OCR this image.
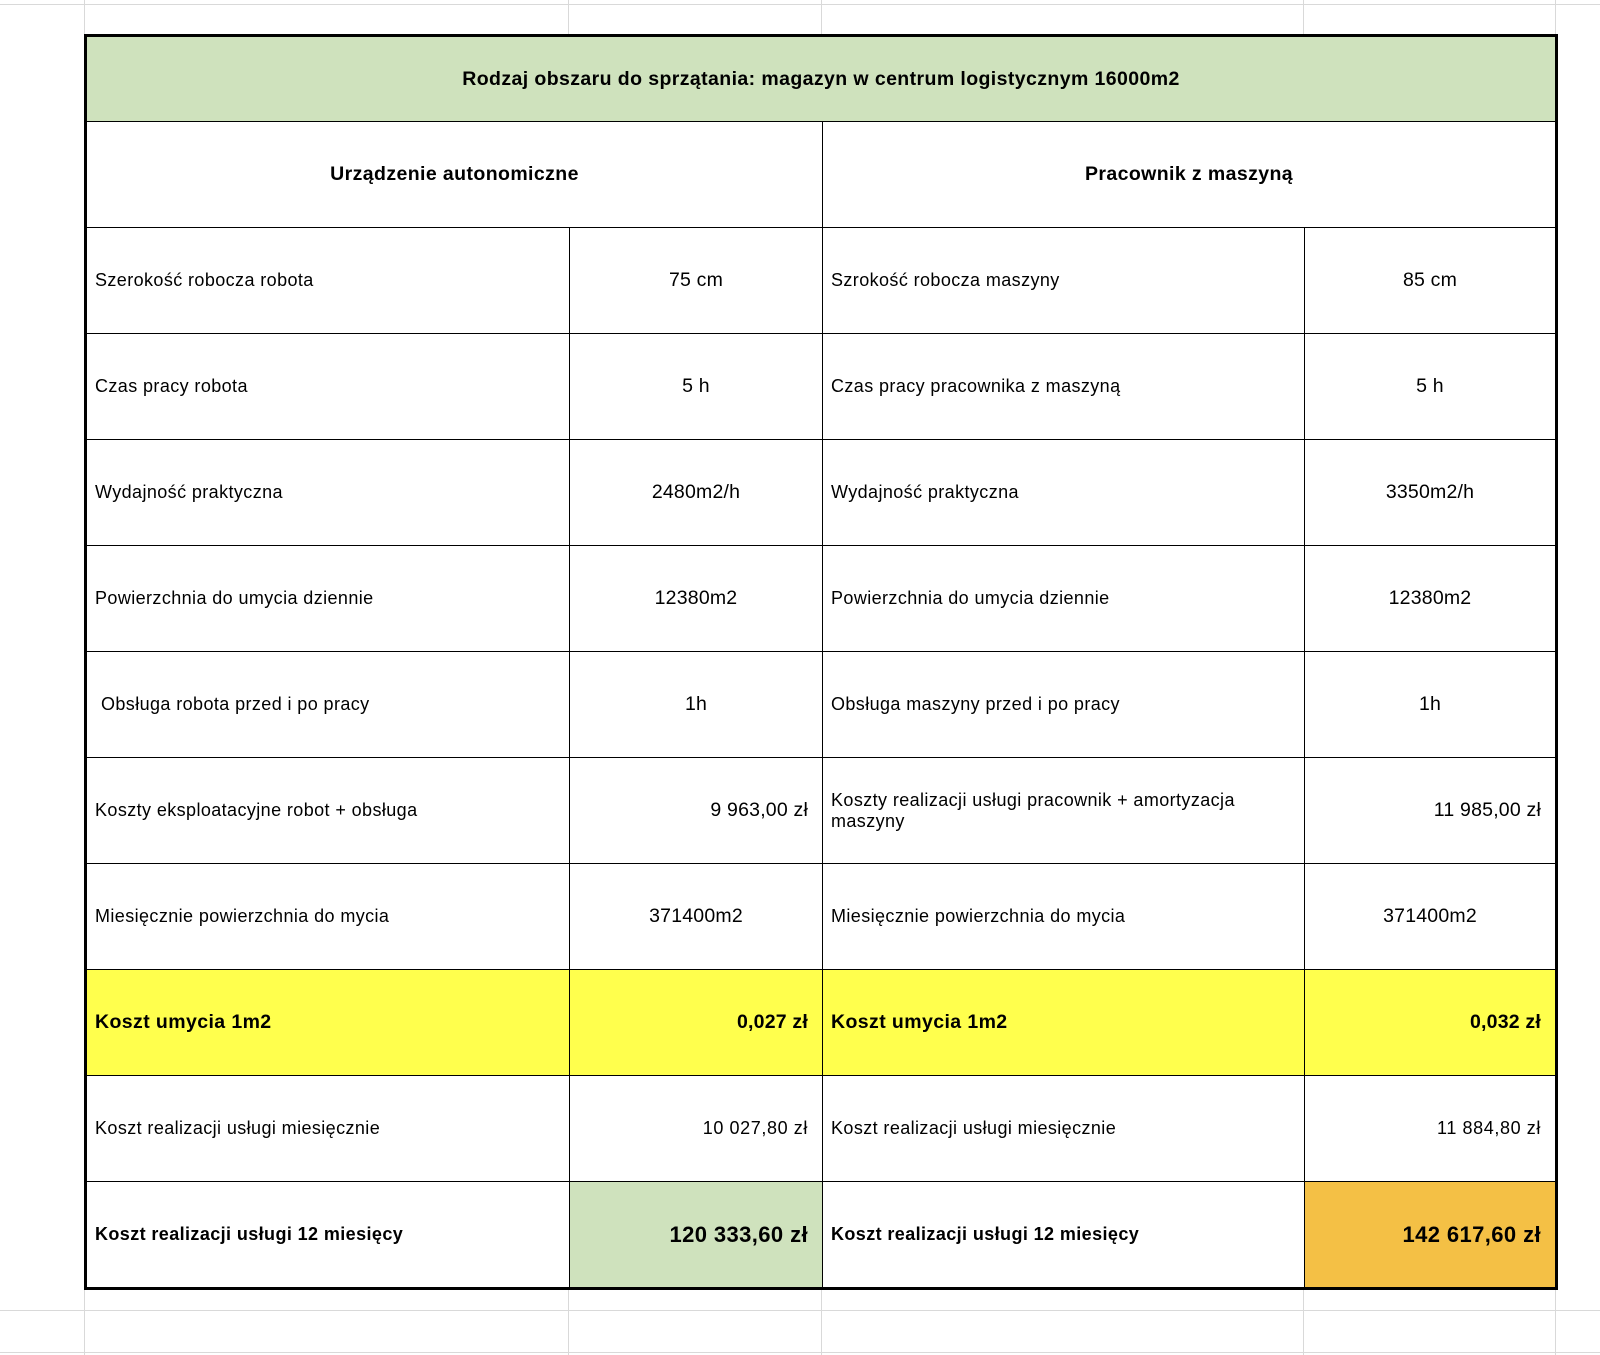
Rodzaj obszaru do sprzątania: magazyn w centrum logistycznym 16000m2			
Urządzenie autonomiczne		Pracownik z maszyną	
Szerokość robocza robota	75 cm	Szrokość robocza maszyny	85 cm
Czas pracy robota	5 h	Czas pracy pracownika z maszyną	5 h
Wydajność praktyczna	2480m2/h	Wydajność praktyczna	3350m2/h
Powierzchnia do umycia dziennie	12380m2	Powierzchnia do umycia dziennie	12380m2
Obsługa robota przed i po pracy	1h	Obsługa maszyny przed i po pracy	1h
Koszty eksploatacyjne robot + obsługa	9 963,00 zł	Koszty realizacji usługi pracownik + amortyzacja maszyny	11 985,00 zł
Miesięcznie powierzchnia do mycia	371400m2	Miesięcznie powierzchnia do mycia	371400m2
Koszt umycia 1m2	0,027 zł	Koszt umycia 1m2	0,032 zł
Koszt realizacji usługi miesięcznie	10 027,80 zł	Koszt realizacji usługi miesięcznie	11 884,80 zł
Koszt realizacji usługi 12 miesięcy	120 333,60 zł	Koszt realizacji usługi 12 miesięcy	142 617,60 zł
